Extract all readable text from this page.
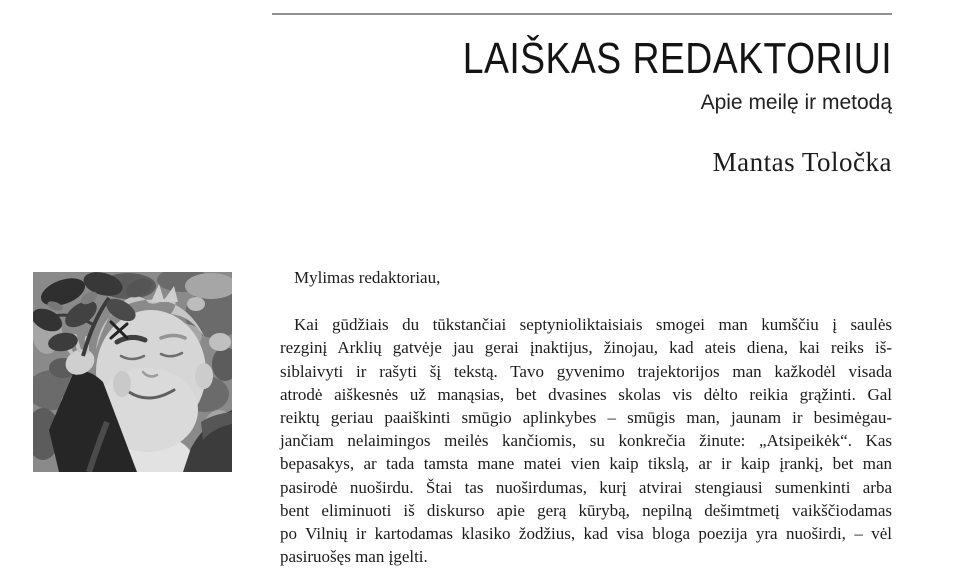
LAIŠKAS REDAKTORIUI
Apie meilę ir metodą
Mantas Toločka
Mylimas redaktoriau,
Kai gūdžiais du tūkstančiai septynioliktaisiais smogei man kumščiu į saulės
rezginį Arklių gatvėje jau gerai įnaktijus, žinojau, kad ateis diena, kai reiks iš-
siblaivyti ir rašyti šį tekstą. Tavo gyvenimo trajektorijos man kažkodėl visada
atrodė aiškesnės už manąsias, bet dvasines skolas vis dėlto reikia grąžinti. Gal
reiktų geriau paaiškinti smūgio aplinkybes – smūgis man, jaunam ir besimėgau-
jančiam nelaimingos meilės kančiomis, su konkrečia žinute: „Atsipeikėk“. Kas
bepasakys, ar tada tamsta mane matei vien kaip tikslą, ar ir kaip įrankį, bet man
pasirodė nuoširdu. Štai tas nuoširdumas, kurį atvirai stengiausi sumenkinti arba
bent eliminuoti iš diskurso apie gerą kūrybą, nepilną dešimtmetį vaikščiodamas
po Vilnių ir kartodamas klasiko žodžius, kad visa bloga poezija yra nuoširdi, – vėl
pasiruošęs man įgelti.
